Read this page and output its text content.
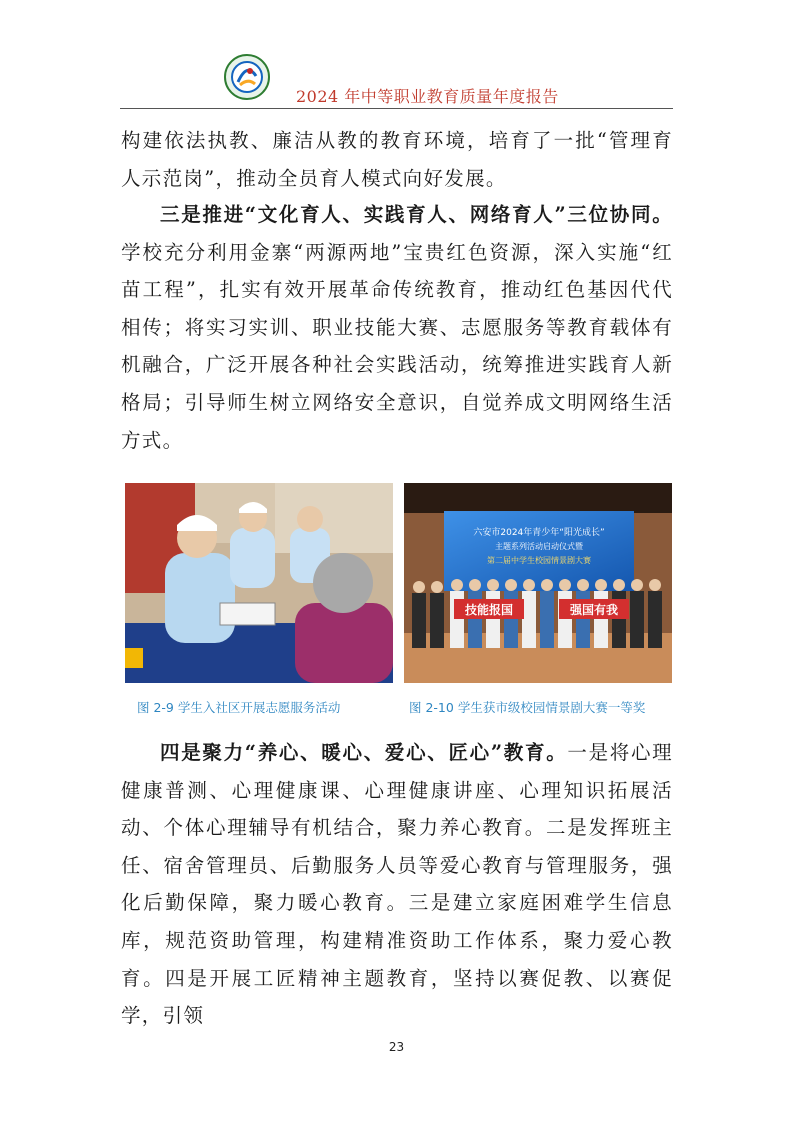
2024 年中等职业教育质量年度报告

构建依法执教、廉洁从教的教育环境，培育了一批“管理育人示范岗”，推动全员育人模式向好发展。

三是推进“文化育人、实践育人、网络育人”三位协同。学校充分利用金寨“两源两地”宝贵红色资源，深入实施“红苗工程”，扎实有效开展革命传统教育，推动红色基因代代相传；将实习实训、职业技能大赛、志愿服务等教育载体有机融合，广泛开展各种社会实践活动，统筹推进实践育人新格局；引导师生树立网络安全意识，自觉养成文明网络生活方式。

六安市2024年青少年“阳光成长”
主题系列活动启动仪式暨
第二届中学生校园情景剧大赛
技能报国	强国有我
图 2-9 学生入社区开展志愿服务活动	图 2-10 学生获市级校园情景剧大赛一等奖

四是聚力“养心、暖心、爱心、匠心”教育。一是将心理健康普测、心理健康课、心理健康讲座、心理知识拓展活动、个体心理辅导有机结合，聚力养心教育。二是发挥班主任、宿舍管理员、后勤服务人员等爱心教育与管理服务，强化后勤保障，聚力暖心教育。三是建立家庭困难学生信息库，规范资助管理，构建精准资助工作体系，聚力爱心教育。四是开展工匠精神主题教育，坚持以赛促教、以赛促学，引领

23
